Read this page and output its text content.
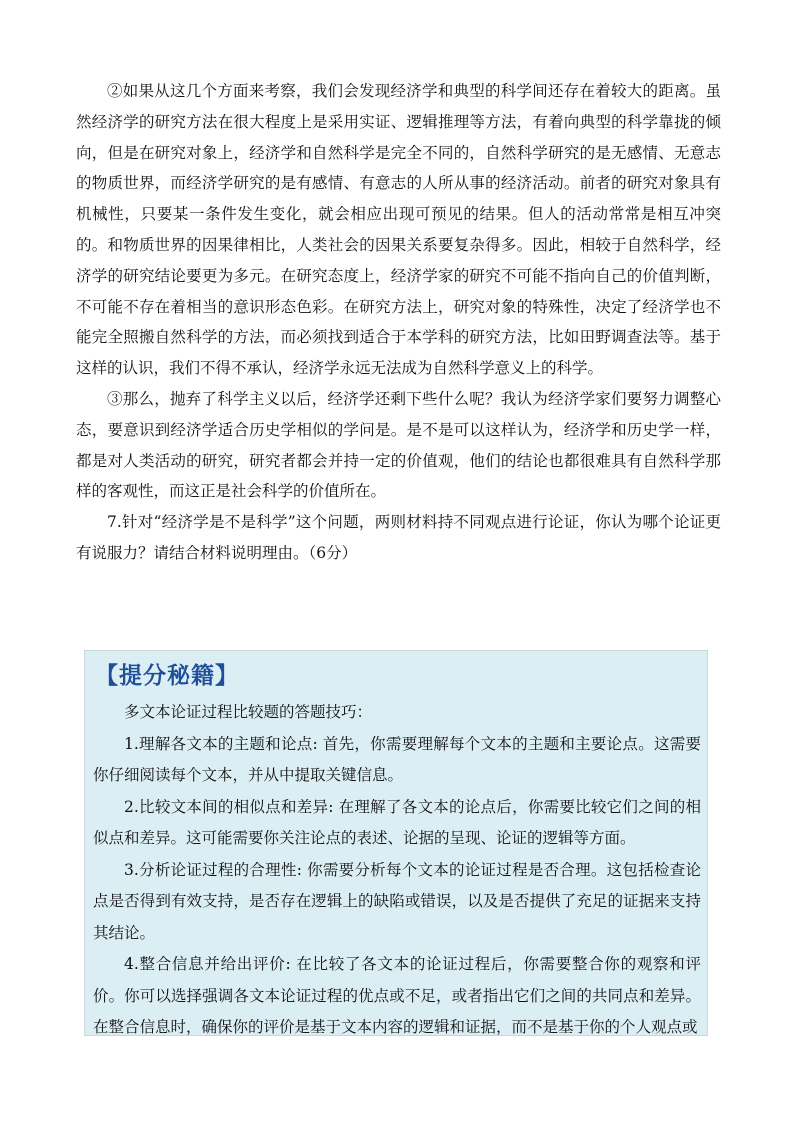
②如果从这几个方面来考察，我们会发现经济学和典型的科学间还存在着较大的距离。虽然经济学的研究方法在很大程度上是采用实证、逻辑推理等方法，有着向典型的科学靠拢的倾向，但是在研究对象上，经济学和自然科学是完全不同的，自然科学研究的是无感情、无意志的物质世界，而经济学研究的是有感情、有意志的人所从事的经济活动。前者的研究对象具有机械性，只要某一条件发生变化，就会相应出现可预见的结果。但人的活动常常是相互冲突的。和物质世界的因果律相比，人类社会的因果关系要复杂得多。因此，相较于自然科学，经济学的研究结论要更为多元。在研究态度上，经济学家的研究不可能不指向自己的价值判断，不可能不存在着相当的意识形态色彩。在研究方法上，研究对象的特殊性，决定了经济学也不能完全照搬自然科学的方法，而必须找到适合于本学科的研究方法，比如田野调查法等。基于这样的认识，我们不得不承认，经济学永远无法成为自然科学意义上的科学。

③那么，抛弃了科学主义以后，经济学还剩下些什么呢？我认为经济学家们要努力调整心态，要意识到经济学适合历史学相似的学问是。是不是可以这样认为，经济学和历史学一样，都是对人类活动的研究，研究者都会并持一定的价值观，他们的结论也都很难具有自然科学那样的客观性，而这正是社会科学的价值所在。

7.针对“经济学是不是科学”这个问题，两则材料持不同观点进行论证，你认为哪个论证更有说服力？请结合材料说明理由。（6分）

【提分秘籍】

多文本论证过程比较题的答题技巧：

1.理解各文本的主题和论点: 首先，你需要理解每个文本的主题和主要论点。这需要你仔细阅读每个文本，并从中提取关键信息。

2.比较文本间的相似点和差异: 在理解了各文本的论点后，你需要比较它们之间的相似点和差异。这可能需要你关注论点的表述、论据的呈现、论证的逻辑等方面。

3.分析论证过程的合理性: 你需要分析每个文本的论证过程是否合理。这包括检查论点是否得到有效支持，是否存在逻辑上的缺陷或错误，以及是否提供了充足的证据来支持其结论。

4.整合信息并给出评价: 在比较了各文本的论证过程后，你需要整合你的观察和评价。你可以选择强调各文本论证过程的优点或不足，或者指出它们之间的共同点和差异。在整合信息时，确保你的评价是基于文本内容的逻辑和证据，而不是基于你的个人观点或
